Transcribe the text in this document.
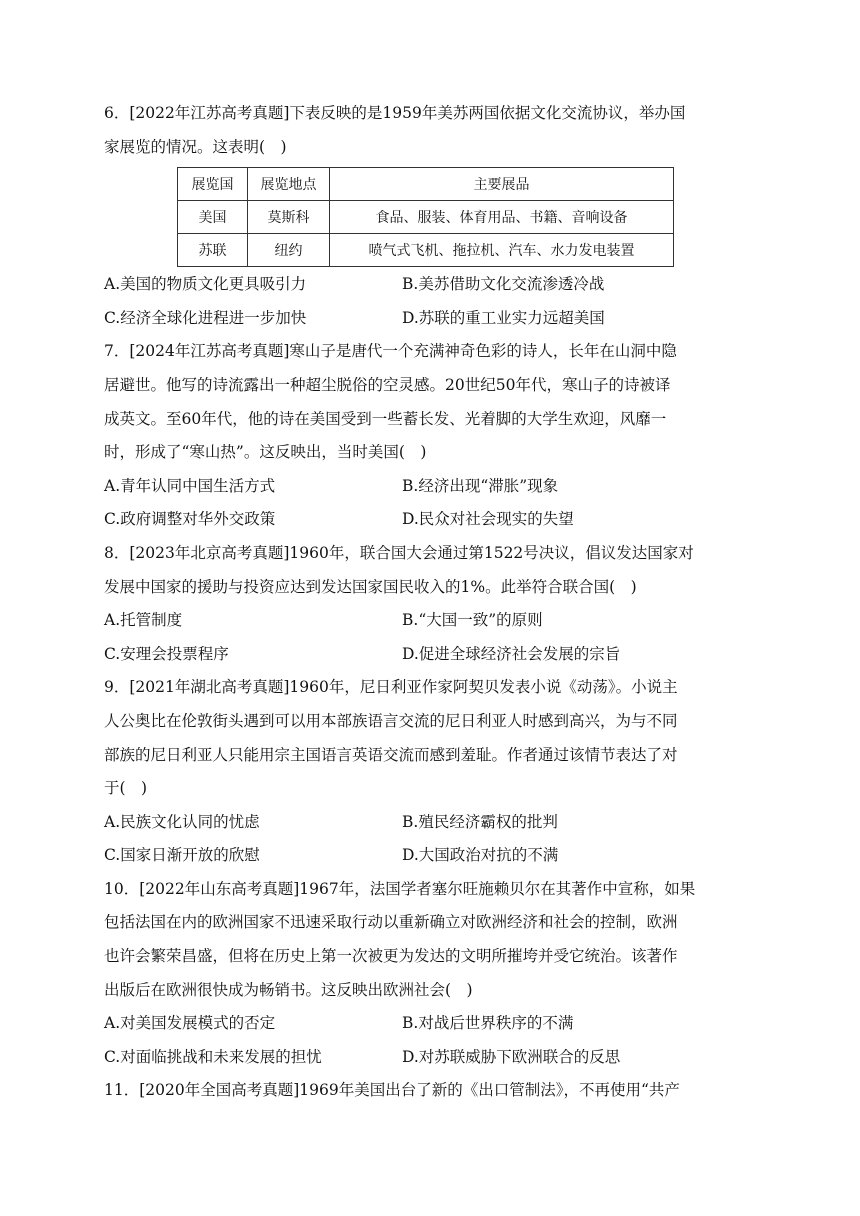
6．[2022年江苏高考真题]下表反映的是1959年美苏两国依据文化交流协议，举办国
家展览的情况。这表明(　)
展览国	展览地点	主要展品
美国	莫斯科	食品、服装、体育用品、书籍、音响设备
苏联	纽约	喷气式飞机、拖拉机、汽车、水力发电装置
A.美国的物质文化更具吸引力	B.美苏借助文化交流渗透冷战
C.经济全球化进程进一步加快	D.苏联的重工业实力远超美国
7．[2024年江苏高考真题]寒山子是唐代一个充满神奇色彩的诗人，长年在山洞中隐
居避世。他写的诗流露出一种超尘脱俗的空灵感。20世纪50年代，寒山子的诗被译
成英文。至60年代，他的诗在美国受到一些蓄长发、光着脚的大学生欢迎，风靡一
时，形成了“寒山热”。这反映出，当时美国(　)
A.青年认同中国生活方式	B.经济出现“滞胀”现象
C.政府调整对华外交政策	D.民众对社会现实的失望
8．[2023年北京高考真题]1960年，联合国大会通过第1522号决议，倡议发达国家对
发展中国家的援助与投资应达到发达国家国民收入的1%。此举符合联合国(　)
A.托管制度	B.“大国一致”的原则
C.安理会投票程序	D.促进全球经济社会发展的宗旨
9．[2021年湖北高考真题]1960年，尼日利亚作家阿契贝发表小说《动荡》。小说主
人公奥比在伦敦街头遇到可以用本部族语言交流的尼日利亚人时感到高兴，为与不同
部族的尼日利亚人只能用宗主国语言英语交流而感到羞耻。作者通过该情节表达了对
于(　)
A.民族文化认同的忧虑	B.殖民经济霸权的批判
C.国家日渐开放的欣慰	D.大国政治对抗的不满
10．[2022年山东高考真题]1967年，法国学者塞尔旺施赖贝尔在其著作中宣称，如果
包括法国在内的欧洲国家不迅速采取行动以重新确立对欧洲经济和社会的控制，欧洲
也许会繁荣昌盛，但将在历史上第一次被更为发达的文明所摧垮并受它统治。该著作
出版后在欧洲很快成为畅销书。这反映出欧洲社会(　)
A.对美国发展模式的否定	B.对战后世界秩序的不满
C.对面临挑战和未来发展的担忧	D.对苏联威胁下欧洲联合的反思
11．[2020年全国高考真题]1969年美国出台了新的《出口管制法》，不再使用“共产
